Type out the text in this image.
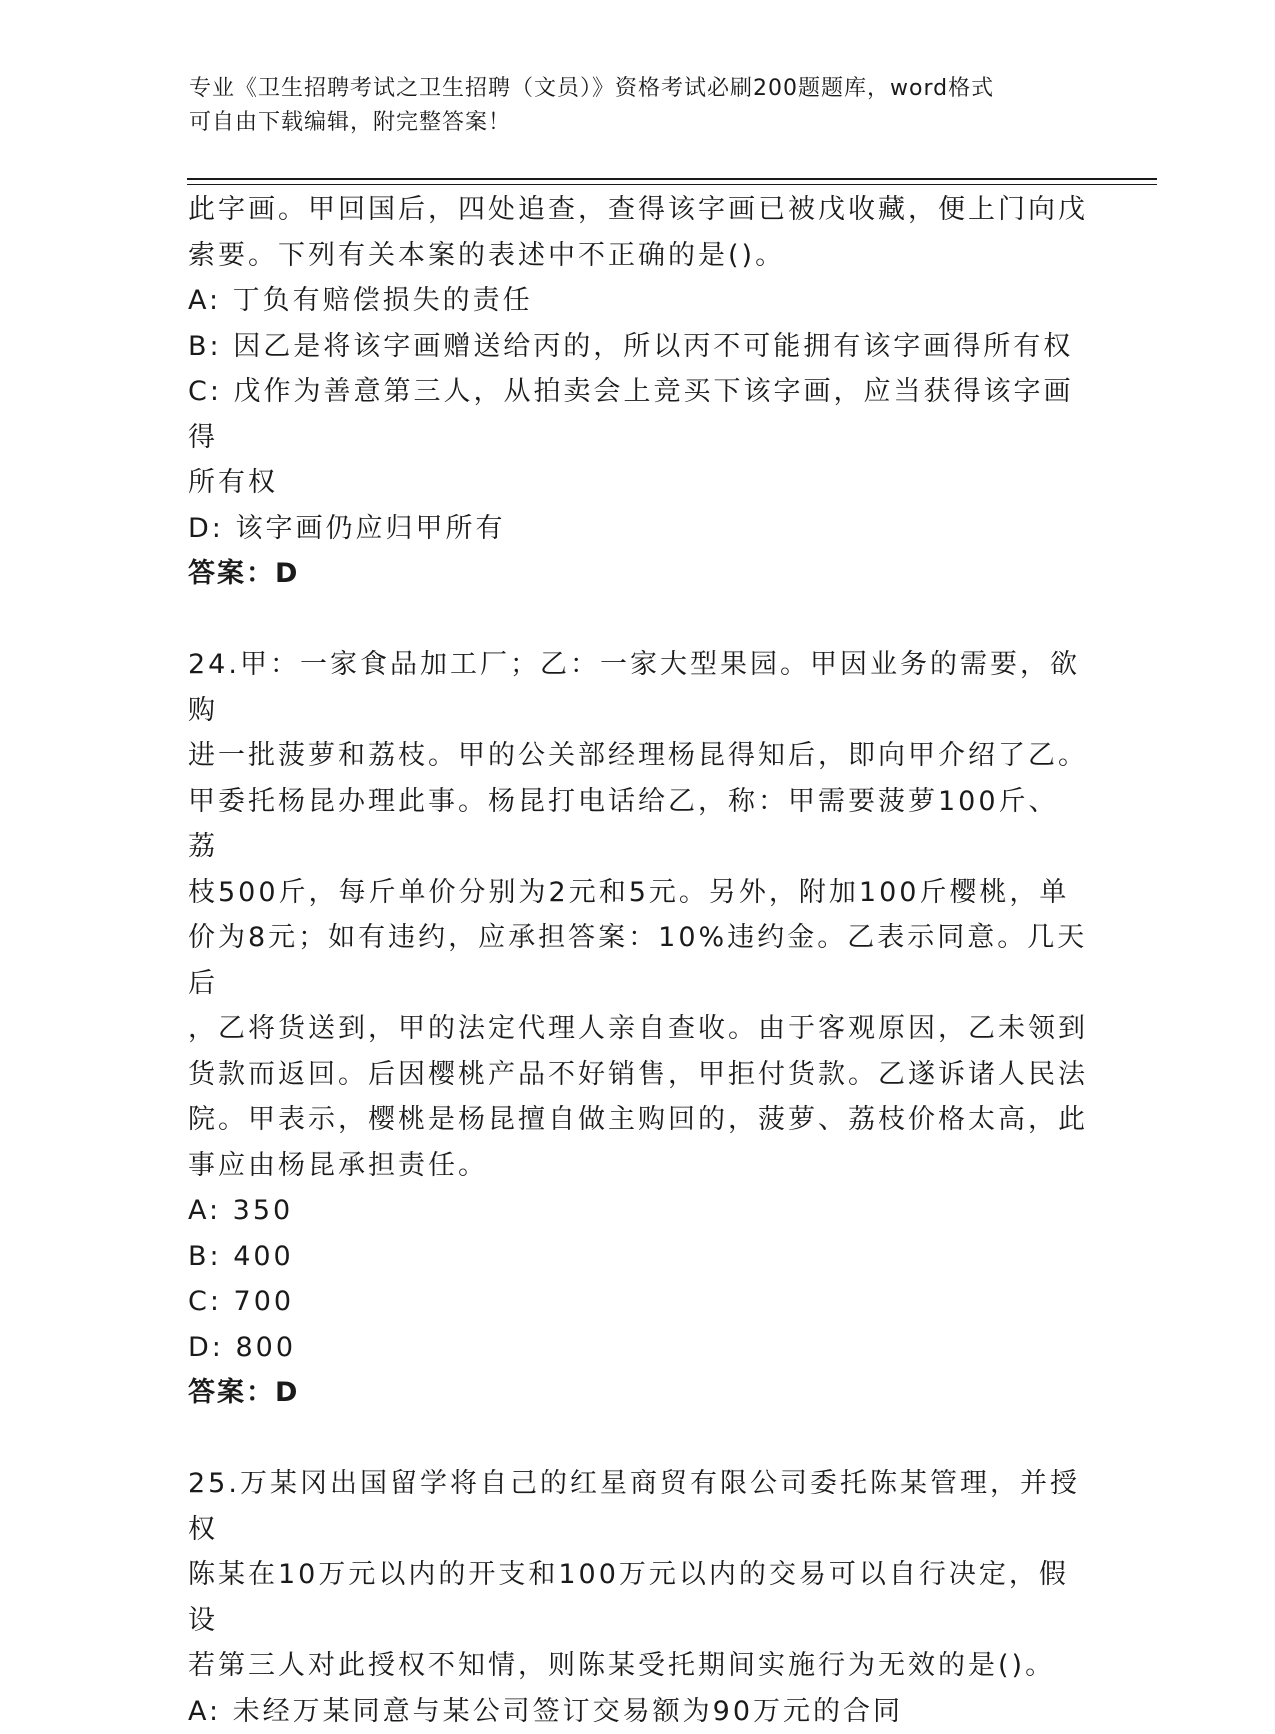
专业《卫生招聘考试之卫生招聘（文员）》资格考试必刷200题题库，word格式
可自由下载编辑，附完整答案！

此字画。甲回国后，四处追查，查得该字画已被戊收藏，便上门向戊

索要。下列有关本案的表述中不正确的是()。

A: 丁负有赔偿损失的责任

B: 因乙是将该字画赠送给丙的，所以丙不可能拥有该字画得所有权

C: 戊作为善意第三人，从拍卖会上竞买下该字画，应当获得该字画得

所有权

D: 该字画仍应归甲所有

答案：D

24.甲：一家食品加工厂；乙：一家大型果园。甲因业务的需要，欲购

进一批菠萝和荔枝。甲的公关部经理杨昆得知后，即向甲介绍了乙。

甲委托杨昆办理此事。杨昆打电话给乙，称：甲需要菠萝100斤、荔

枝500斤，每斤单价分别为2元和5元。另外，附加100斤樱桃，单

价为8元；如有违约，应承担答案：10%违约金。乙表示同意。几天后

，乙将货送到，甲的法定代理人亲自查收。由于客观原因，乙未领到

货款而返回。后因樱桃产品不好销售，甲拒付货款。乙遂诉诸人民法

院。甲表示，樱桃是杨昆擅自做主购回的，菠萝、荔枝价格太高，此

事应由杨昆承担责任。

A: 350

B: 400

C: 700

D: 800

答案：D

25.万某冈出国留学将自己的红星商贸有限公司委托陈某管理，并授权

陈某在10万元以内的开支和100万元以内的交易可以自行决定，假设

若第三人对此授权不知情，则陈某受托期间实施行为无效的是()。

A: 未经万某同意与某公司签订交易额为90万元的合同
